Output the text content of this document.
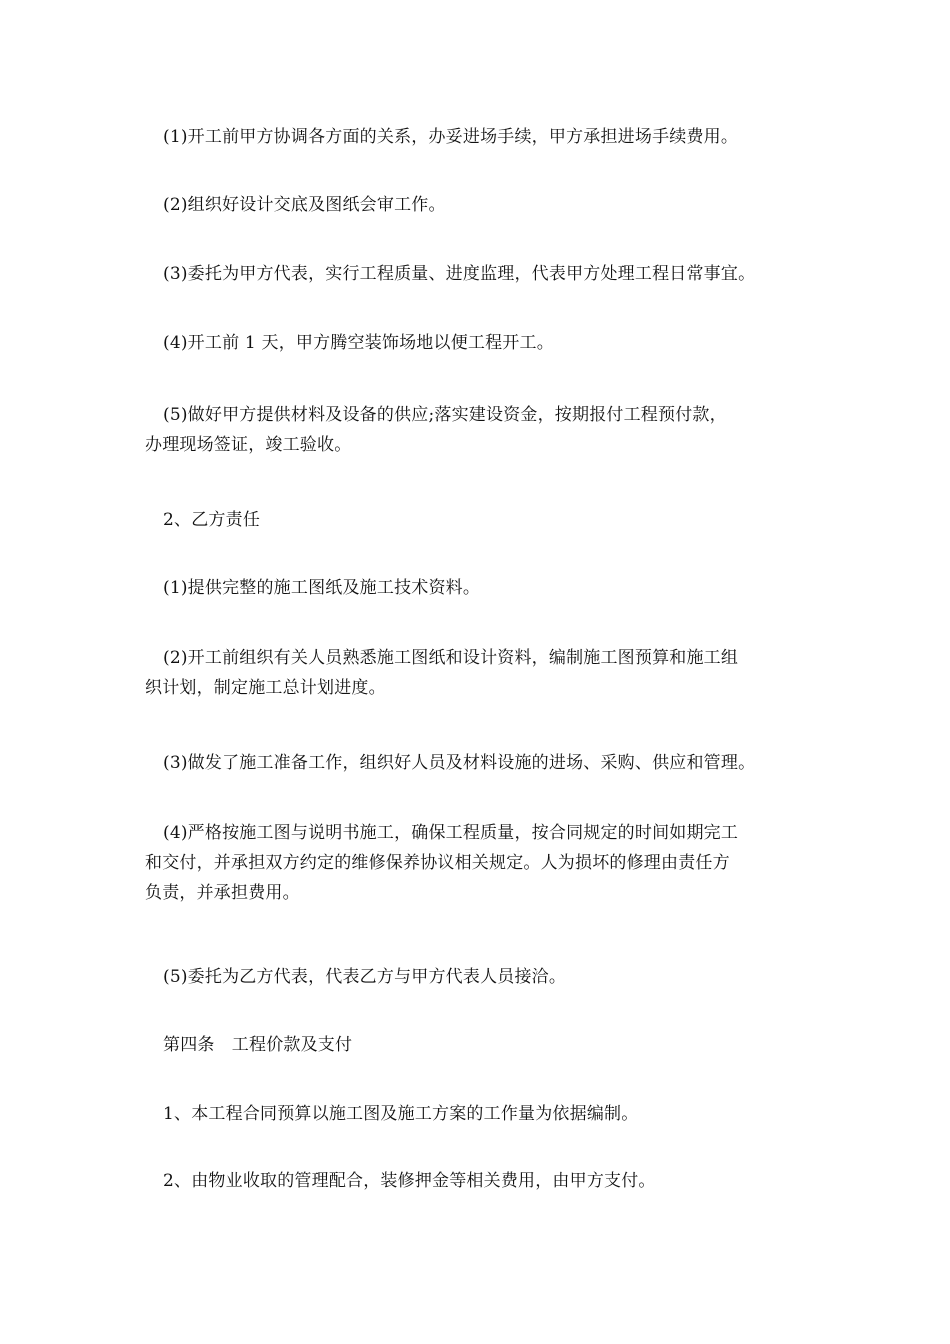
(1)开工前甲方协调各方面的关系，办妥进场手续，甲方承担进场手续费用。
(2)组织好设计交底及图纸会审工作。
(3)委托为甲方代表，实行工程质量、进度监理，代表甲方处理工程日常事宜。
(4)开工前 1 天，甲方腾空装饰场地以便工程开工。
(5)做好甲方提供材料及设备的供应;落实建设资金，按期报付工程预付款，
办理现场签证，竣工验收。
2、乙方责任
(1)提供完整的施工图纸及施工技术资料。
(2)开工前组织有关人员熟悉施工图纸和设计资料，编制施工图预算和施工组
织计划，制定施工总计划进度。
(3)做发了施工准备工作，组织好人员及材料设施的进场、采购、供应和管理。
(4)严格按施工图与说明书施工，确保工程质量，按合同规定的时间如期完工
和交付，并承担双方约定的维修保养协议相关规定。人为损坏的修理由责任方
负责，并承担费用。
(5)委托为乙方代表，代表乙方与甲方代表人员接洽。
第四条　工程价款及支付
1、本工程合同预算以施工图及施工方案的工作量为依据编制。
2、由物业收取的管理配合，装修押金等相关费用，由甲方支付。
